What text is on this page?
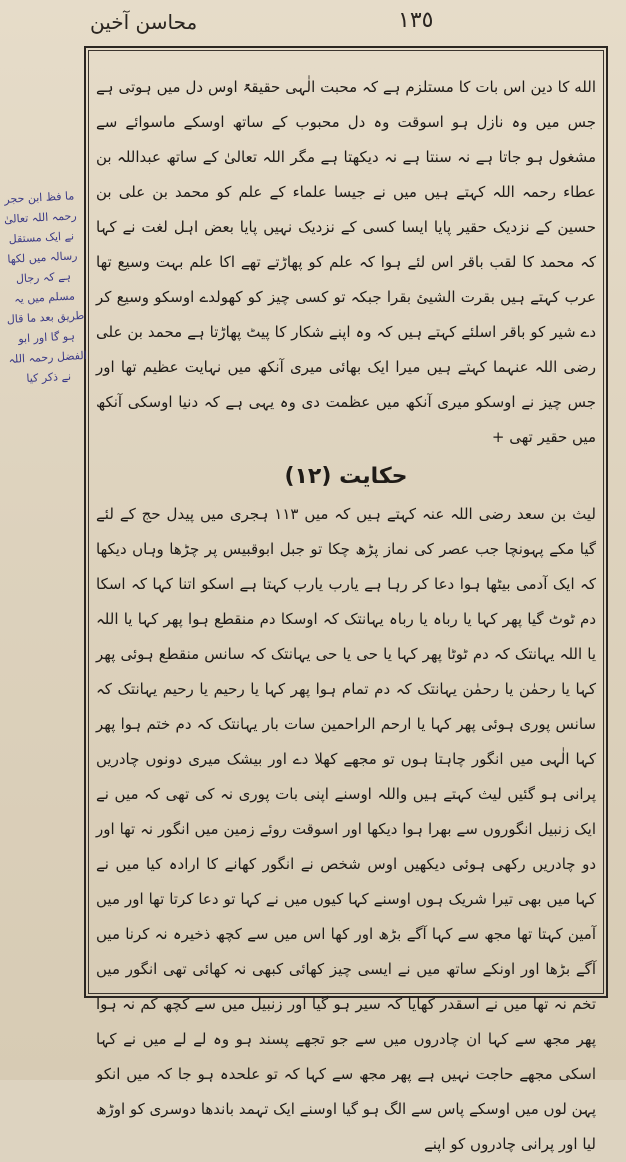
محاسن آخین	١٣٥

الله کا دین اس بات کا مستلزم ہے کہ محبت الٰہی حقیقۃً اوس دل میں ہوتی ہے جس میں وہ نازل ہو اسوقت وہ دل محبوب کے ساتھ اوسکے ماسوائے سے مشغول ہو جاتا ہے نہ سنتا ہے نہ دیکھتا ہے مگر اللہ تعالیٰ کے ساتھ عبداللہ بن عطاء رحمہ اللہ کہتے ہیں میں نے جیسا علماء کے علم کو محمد بن علی بن حسین کے نزدیک حقیر پایا ایسا کسی کے نزدیک نہیں پایا بعض اہل لغت نے کہا کہ محمد کا لقب باقر اس لئے ہوا کہ علم کو پھاڑتے تھے اکا علم بہت وسیع تھا عرب کہتے ہیں بقرت الشیئ بقرا جبکہ تو کسی چیز کو کھولدے اوسکو وسیع کر دے شیر کو باقر اسلئے کہتے ہیں کہ وہ اپنے شکار کا پیٹ پھاڑتا ہے محمد بن علی رضی اللہ عنہما کہتے ہیں میرا ایک بھائی میری آنکھ میں نہایت عظیم تھا اور جس چیز نے اوسکو میری آنکھ میں عظمت دی وہ یہی ہے کہ دنیا اوسکی آنکھ میں حقیر تھی +

حکایت (١٢)

لیث بن سعد رضی اللہ عنہ کہتے ہیں کہ میں ١١٣ ہجری میں پیدل حج کے لئے گیا مکے پہونچا جب عصر کی نماز پڑھ چکا تو جبل ابوقبیس پر چڑھا وہاں دیکھا کہ ایک آدمی بیٹھا ہوا دعا کر رہا ہے یارب یارب کہتا ہے اسکو اتنا کہا کہ اسکا دم ٹوٹ گیا پھر کہا یا رباہ یا رباہ یہانتک کہ اوسکا دم منقطع ہوا پھر کہا یا اللہ یا اللہ یہانتک کہ دم ٹوٹا پھر کہا یا حی یا حی یہانتک کہ سانس منقطع ہوئی پھر کہا یا رحمٰن یا رحمٰن یہانتک کہ دم تمام ہوا پھر کہا یا رحیم یا رحیم یہانتک کہ سانس پوری ہوئی پھر کہا یا ارحم الراحمین سات بار یہانتک کہ دم ختم ہوا پھر کہا الٰہی میں انگور چاہتا ہوں تو مجھے کھلا دے اور بیشک میری دونوں چادریں پرانی ہو گئیں لیث کہتے ہیں واللہ اوسنے اپنی بات پوری نہ کی تھی کہ میں نے ایک زنبیل انگوروں سے بھرا ہوا دیکھا اور اسوقت روئے زمین میں انگور نہ تھا اور دو چادریں رکھی ہوئی دیکھیں اوس شخص نے انگور کھانے کا ارادہ کیا میں نے کہا میں بھی تیرا شریک ہوں اوسنے کہا کیوں میں نے کہا تو دعا کرتا تھا اور میں آمین کہتا تھا مجھ سے کہا آگے بڑھ اور کھا اس میں سے کچھ ذخیرہ نہ کرنا میں آگے بڑھا اور اونکے ساتھ میں نے ایسی چیز کھائی کبھی نہ کھائی تھی انگور میں تخم نہ تھا میں نے اسقدر کھایا کہ سیر ہو گیا اور زنبیل میں سے کچھ کم نہ ہوا پھر مجھ سے کہا ان چادروں میں سے جو تجھے پسند ہو وہ لے لے میں نے کہا اسکی مجھے حاجت نہیں ہے پھر مجھ سے کہا کہ تو علحدہ ہو جا کہ میں انکو پہن لوں میں اوسکے پاس سے الگ ہو گیا اوسنے ایک تہمد باندھا دوسری کو اوڑھ لیا اور پرانی چادروں کو اپنے

ما فظ ابن حجر رحمہ اللہ تعالیٰ نے ایک مستقل رسالہ میں لکھا ہے کہ رجال مسلم میں یہ طریق بعد ما قال ہو گا اور ابو الفضل رحمہ اللہ نے ذکر کیا
